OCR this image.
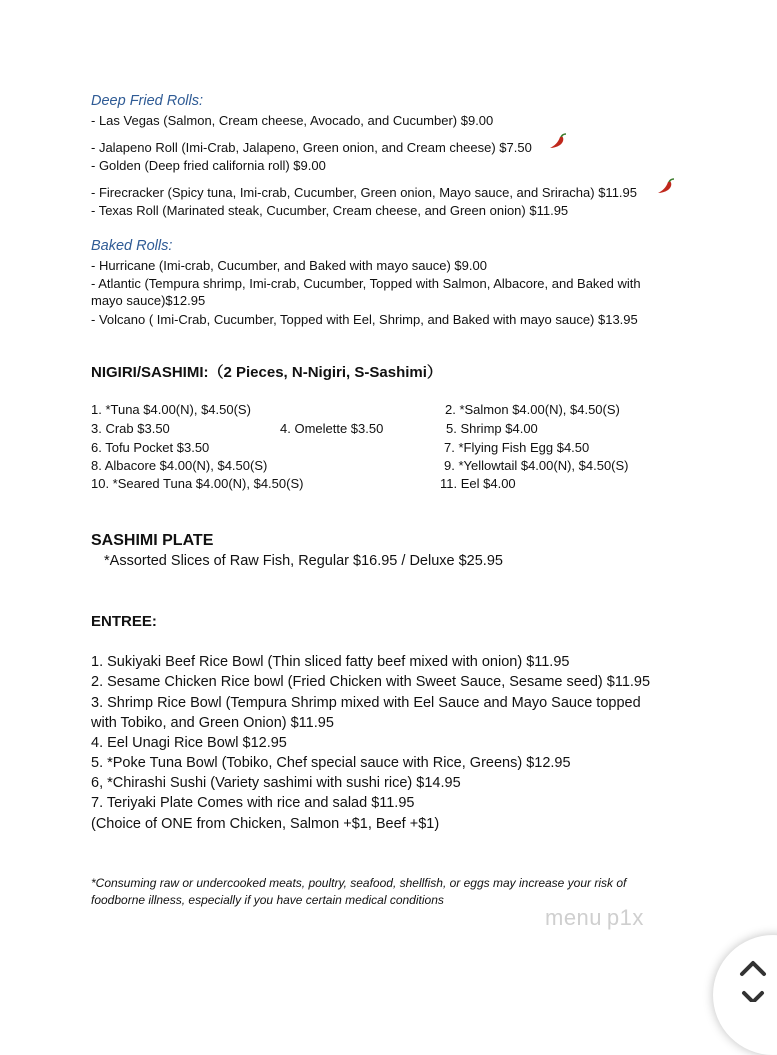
Deep Fried Rolls:
- Las Vegas (Salmon, Cream cheese, Avocado, and Cucumber) $9.00
- Jalapeno Roll (Imi-Crab, Jalapeno, Green onion, and Cream cheese) $7.50
- Golden (Deep fried california roll) $9.00
- Firecracker (Spicy tuna, Imi-crab, Cucumber, Green onion, Mayo sauce, and Sriracha) $11.95
- Texas Roll (Marinated steak, Cucumber, Cream cheese, and Green onion) $11.95
Baked Rolls:
- Hurricane (Imi-crab, Cucumber, and Baked with mayo sauce) $9.00
- Atlantic (Tempura shrimp, Imi-crab, Cucumber, Topped with Salmon, Albacore, and Baked with
mayo sauce)$12.95
- Volcano ( Imi-Crab, Cucumber, Topped with Eel, Shrimp, and Baked with mayo sauce) $13.95
NIGIRI/SASHIMI:（2 Pieces, N-Nigiri, S-Sashimi）
1. *Tuna $4.00(N), $4.50(S)	2. *Salmon $4.00(N), $4.50(S)
3. Crab $3.50	4. Omelette $3.50	5. Shrimp $4.00
6. Tofu Pocket $3.50	7. *Flying Fish Egg $4.50
8. Albacore $4.00(N), $4.50(S)	9. *Yellowtail $4.00(N), $4.50(S)
10. *Seared Tuna $4.00(N), $4.50(S)	11. Eel $4.00
SASHIMI PLATE
*Assorted Slices of Raw Fish, Regular $16.95 / Deluxe $25.95
ENTREE:
1. Sukiyaki Beef Rice Bowl (Thin sliced fatty beef mixed with onion) $11.95
2. Sesame Chicken Rice bowl (Fried Chicken with Sweet Sauce, Sesame seed) $11.95
3. Shrimp Rice Bowl (Tempura Shrimp mixed with Eel Sauce and Mayo Sauce topped
with Tobiko, and Green Onion) $11.95
4. Eel Unagi Rice Bowl $12.95
5. *Poke Tuna Bowl (Tobiko, Chef special sauce with Rice, Greens) $12.95
6, *Chirashi Sushi (Variety sashimi with sushi rice) $14.95
7. Teriyaki Plate Comes with rice and salad $11.95
(Choice of ONE from Chicken, Salmon +$1, Beef +$1)
*Consuming raw or undercooked meats, poultry, seafood, shellfish, or eggs may increase your risk of foodborne illness, especially if you have certain medical conditions
menu p1x
